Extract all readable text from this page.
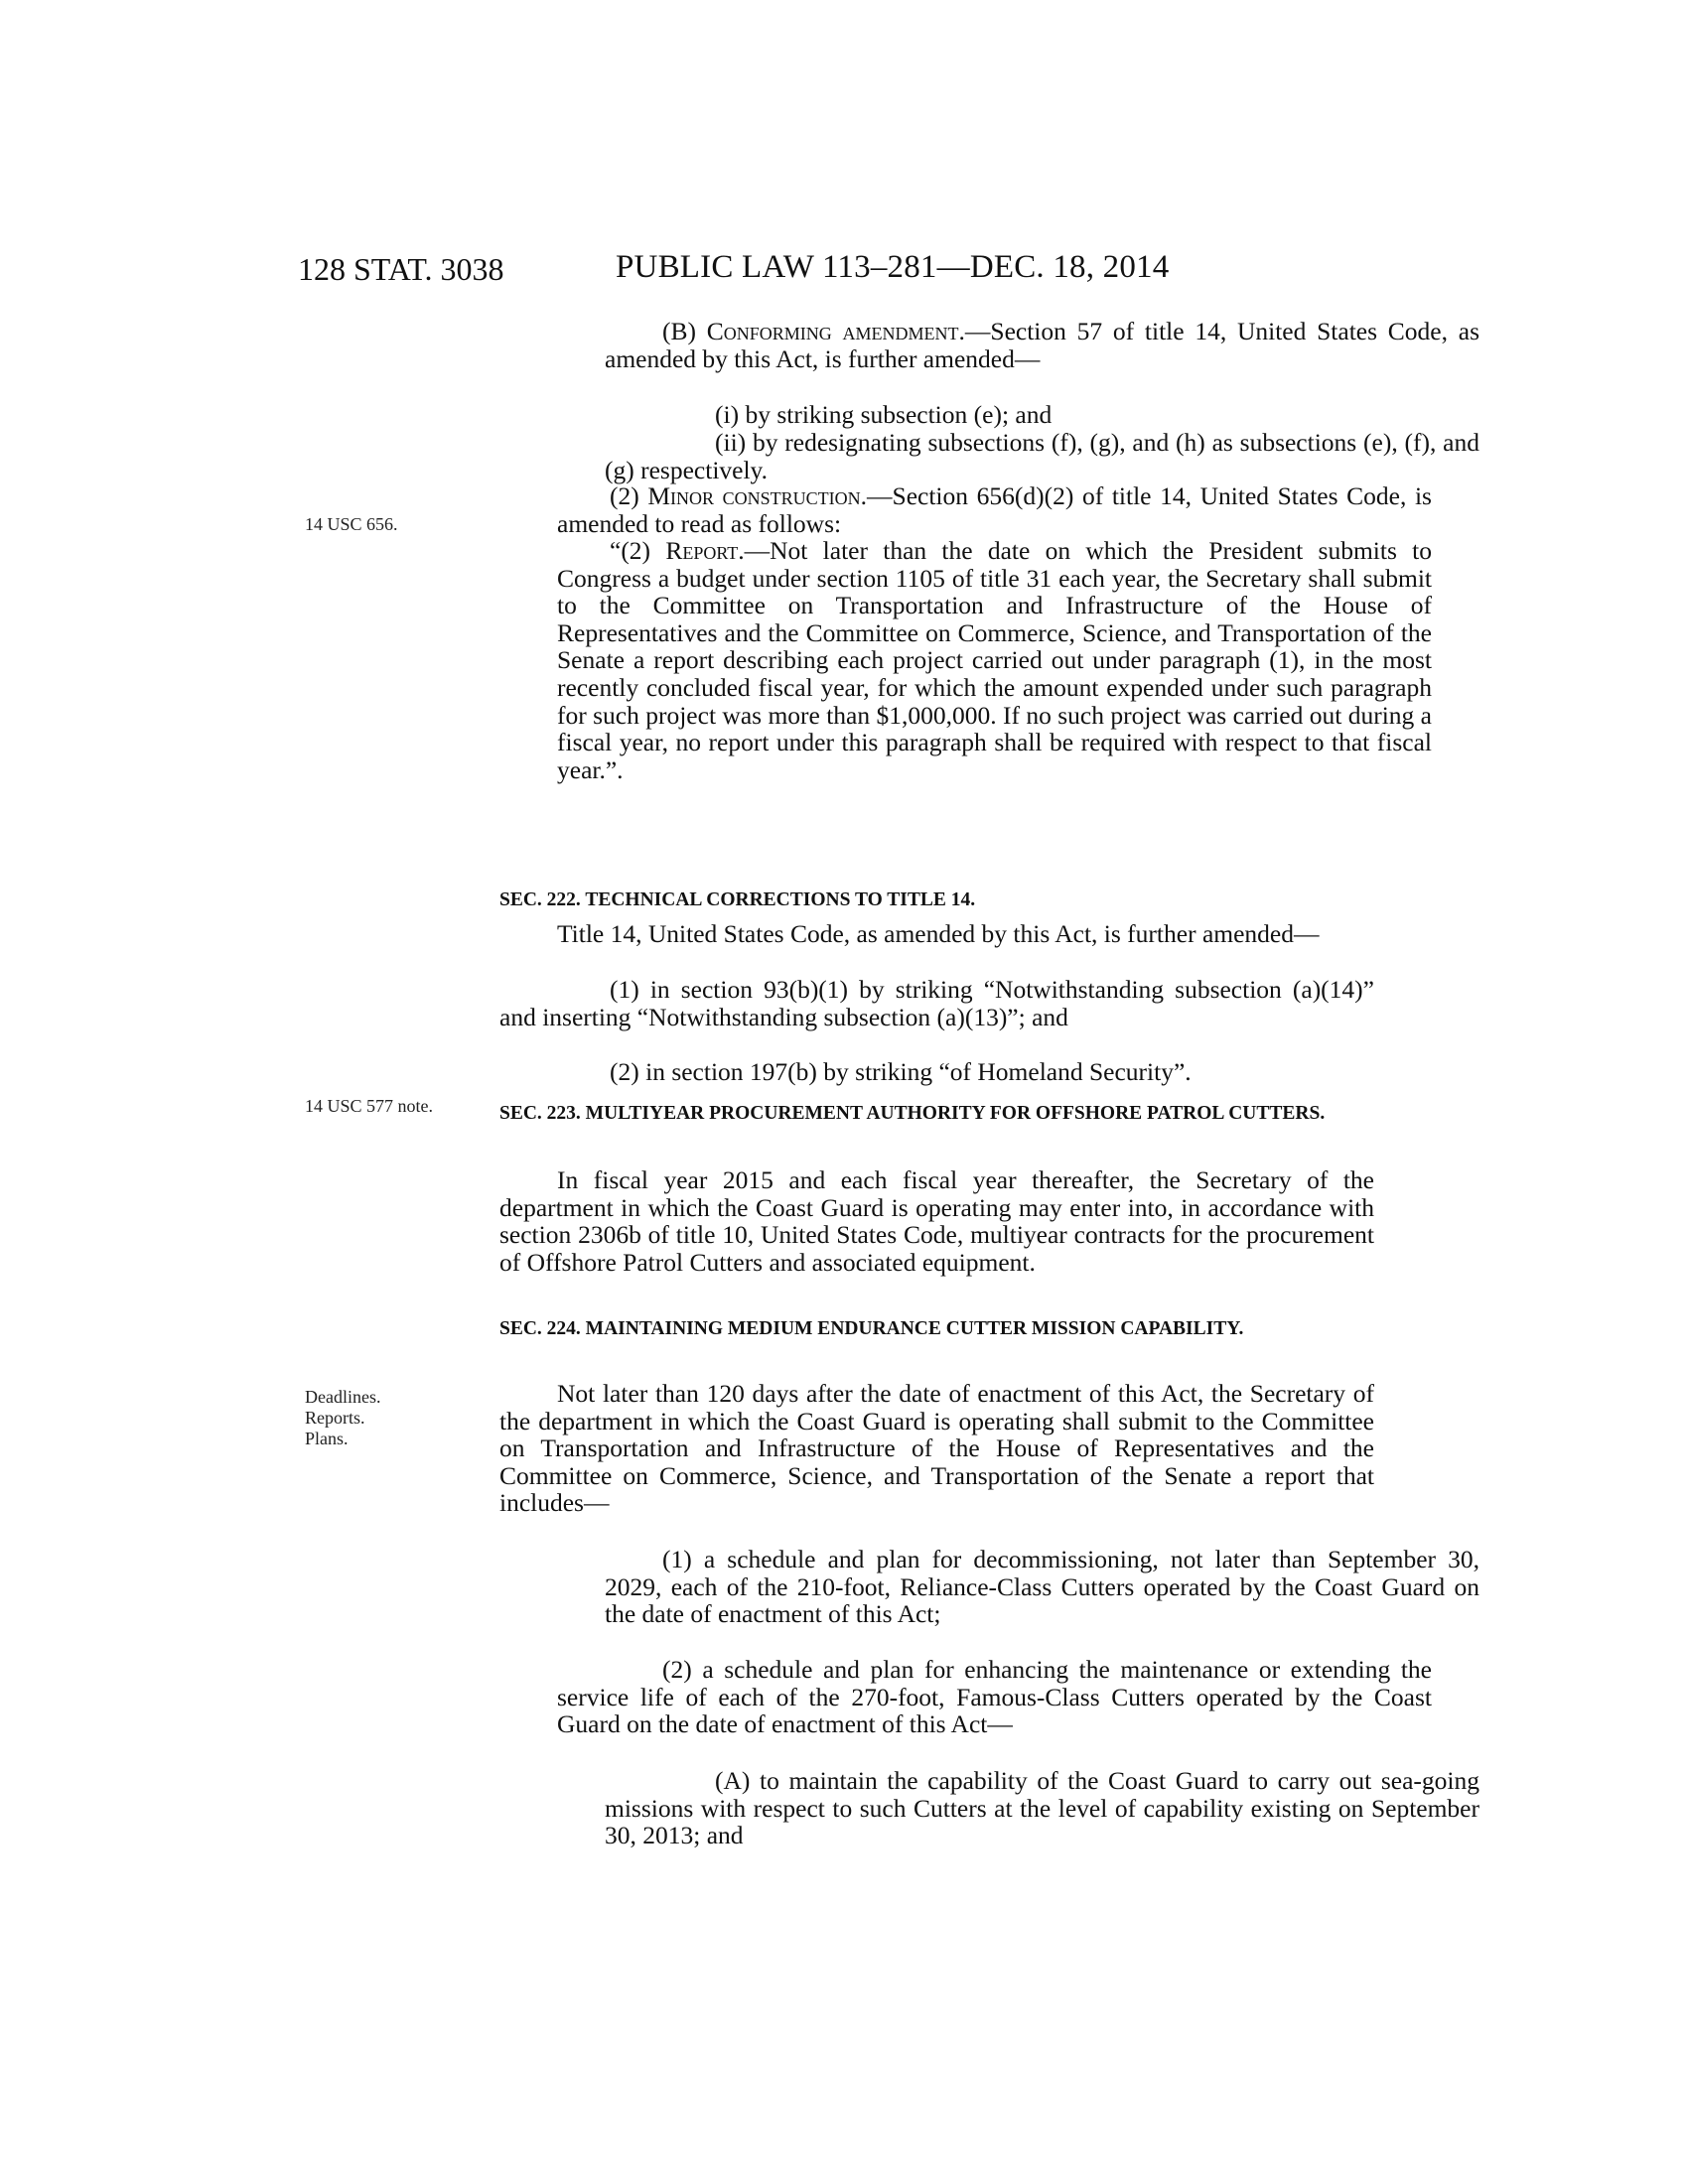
128 STAT. 3038	PUBLIC LAW 113–281—DEC. 18, 2014
14 USC 656.
14 USC 577 note.
Deadlines.
Reports.
Plans.
(B) Conforming amendment.—Section 57 of title 14, United States Code, as amended by this Act, is further amended—
(i) by striking subsection (e); and
(ii) by redesignating subsections (f), (g), and (h) as subsections (e), (f), and (g) respectively.
(2) Minor construction.—Section 656(d)(2) of title 14, United States Code, is amended to read as follows:
“(2) Report.—Not later than the date on which the President submits to Congress a budget under section 1105 of title 31 each year, the Secretary shall submit to the Committee on Transportation and Infrastructure of the House of Representatives and the Committee on Commerce, Science, and Transportation of the Senate a report describing each project carried out under paragraph (1), in the most recently concluded fiscal year, for which the amount expended under such paragraph for such project was more than $1,000,000. If no such project was carried out during a fiscal year, no report under this paragraph shall be required with respect to that fiscal year.”.
SEC. 222. TECHNICAL CORRECTIONS TO TITLE 14.
Title 14, United States Code, as amended by this Act, is further amended—
(1) in section 93(b)(1) by striking “Notwithstanding subsection (a)(14)” and inserting “Notwithstanding subsection (a)(13)”; and
(2) in section 197(b) by striking “of Homeland Security”.
SEC. 223. MULTIYEAR PROCUREMENT AUTHORITY FOR OFFSHORE PATROL CUTTERS.
In fiscal year 2015 and each fiscal year thereafter, the Secretary of the department in which the Coast Guard is operating may enter into, in accordance with section 2306b of title 10, United States Code, multiyear contracts for the procurement of Offshore Patrol Cutters and associated equipment.
SEC. 224. MAINTAINING MEDIUM ENDURANCE CUTTER MISSION CAPABILITY.
Not later than 120 days after the date of enactment of this Act, the Secretary of the department in which the Coast Guard is operating shall submit to the Committee on Transportation and Infrastructure of the House of Representatives and the Committee on Commerce, Science, and Transportation of the Senate a report that includes—
(1) a schedule and plan for decommissioning, not later than September 30, 2029, each of the 210-foot, Reliance-Class Cutters operated by the Coast Guard on the date of enactment of this Act;
(2) a schedule and plan for enhancing the maintenance or extending the service life of each of the 270-foot, Famous-Class Cutters operated by the Coast Guard on the date of enactment of this Act—
(A) to maintain the capability of the Coast Guard to carry out sea-going missions with respect to such Cutters at the level of capability existing on September 30, 2013; and
